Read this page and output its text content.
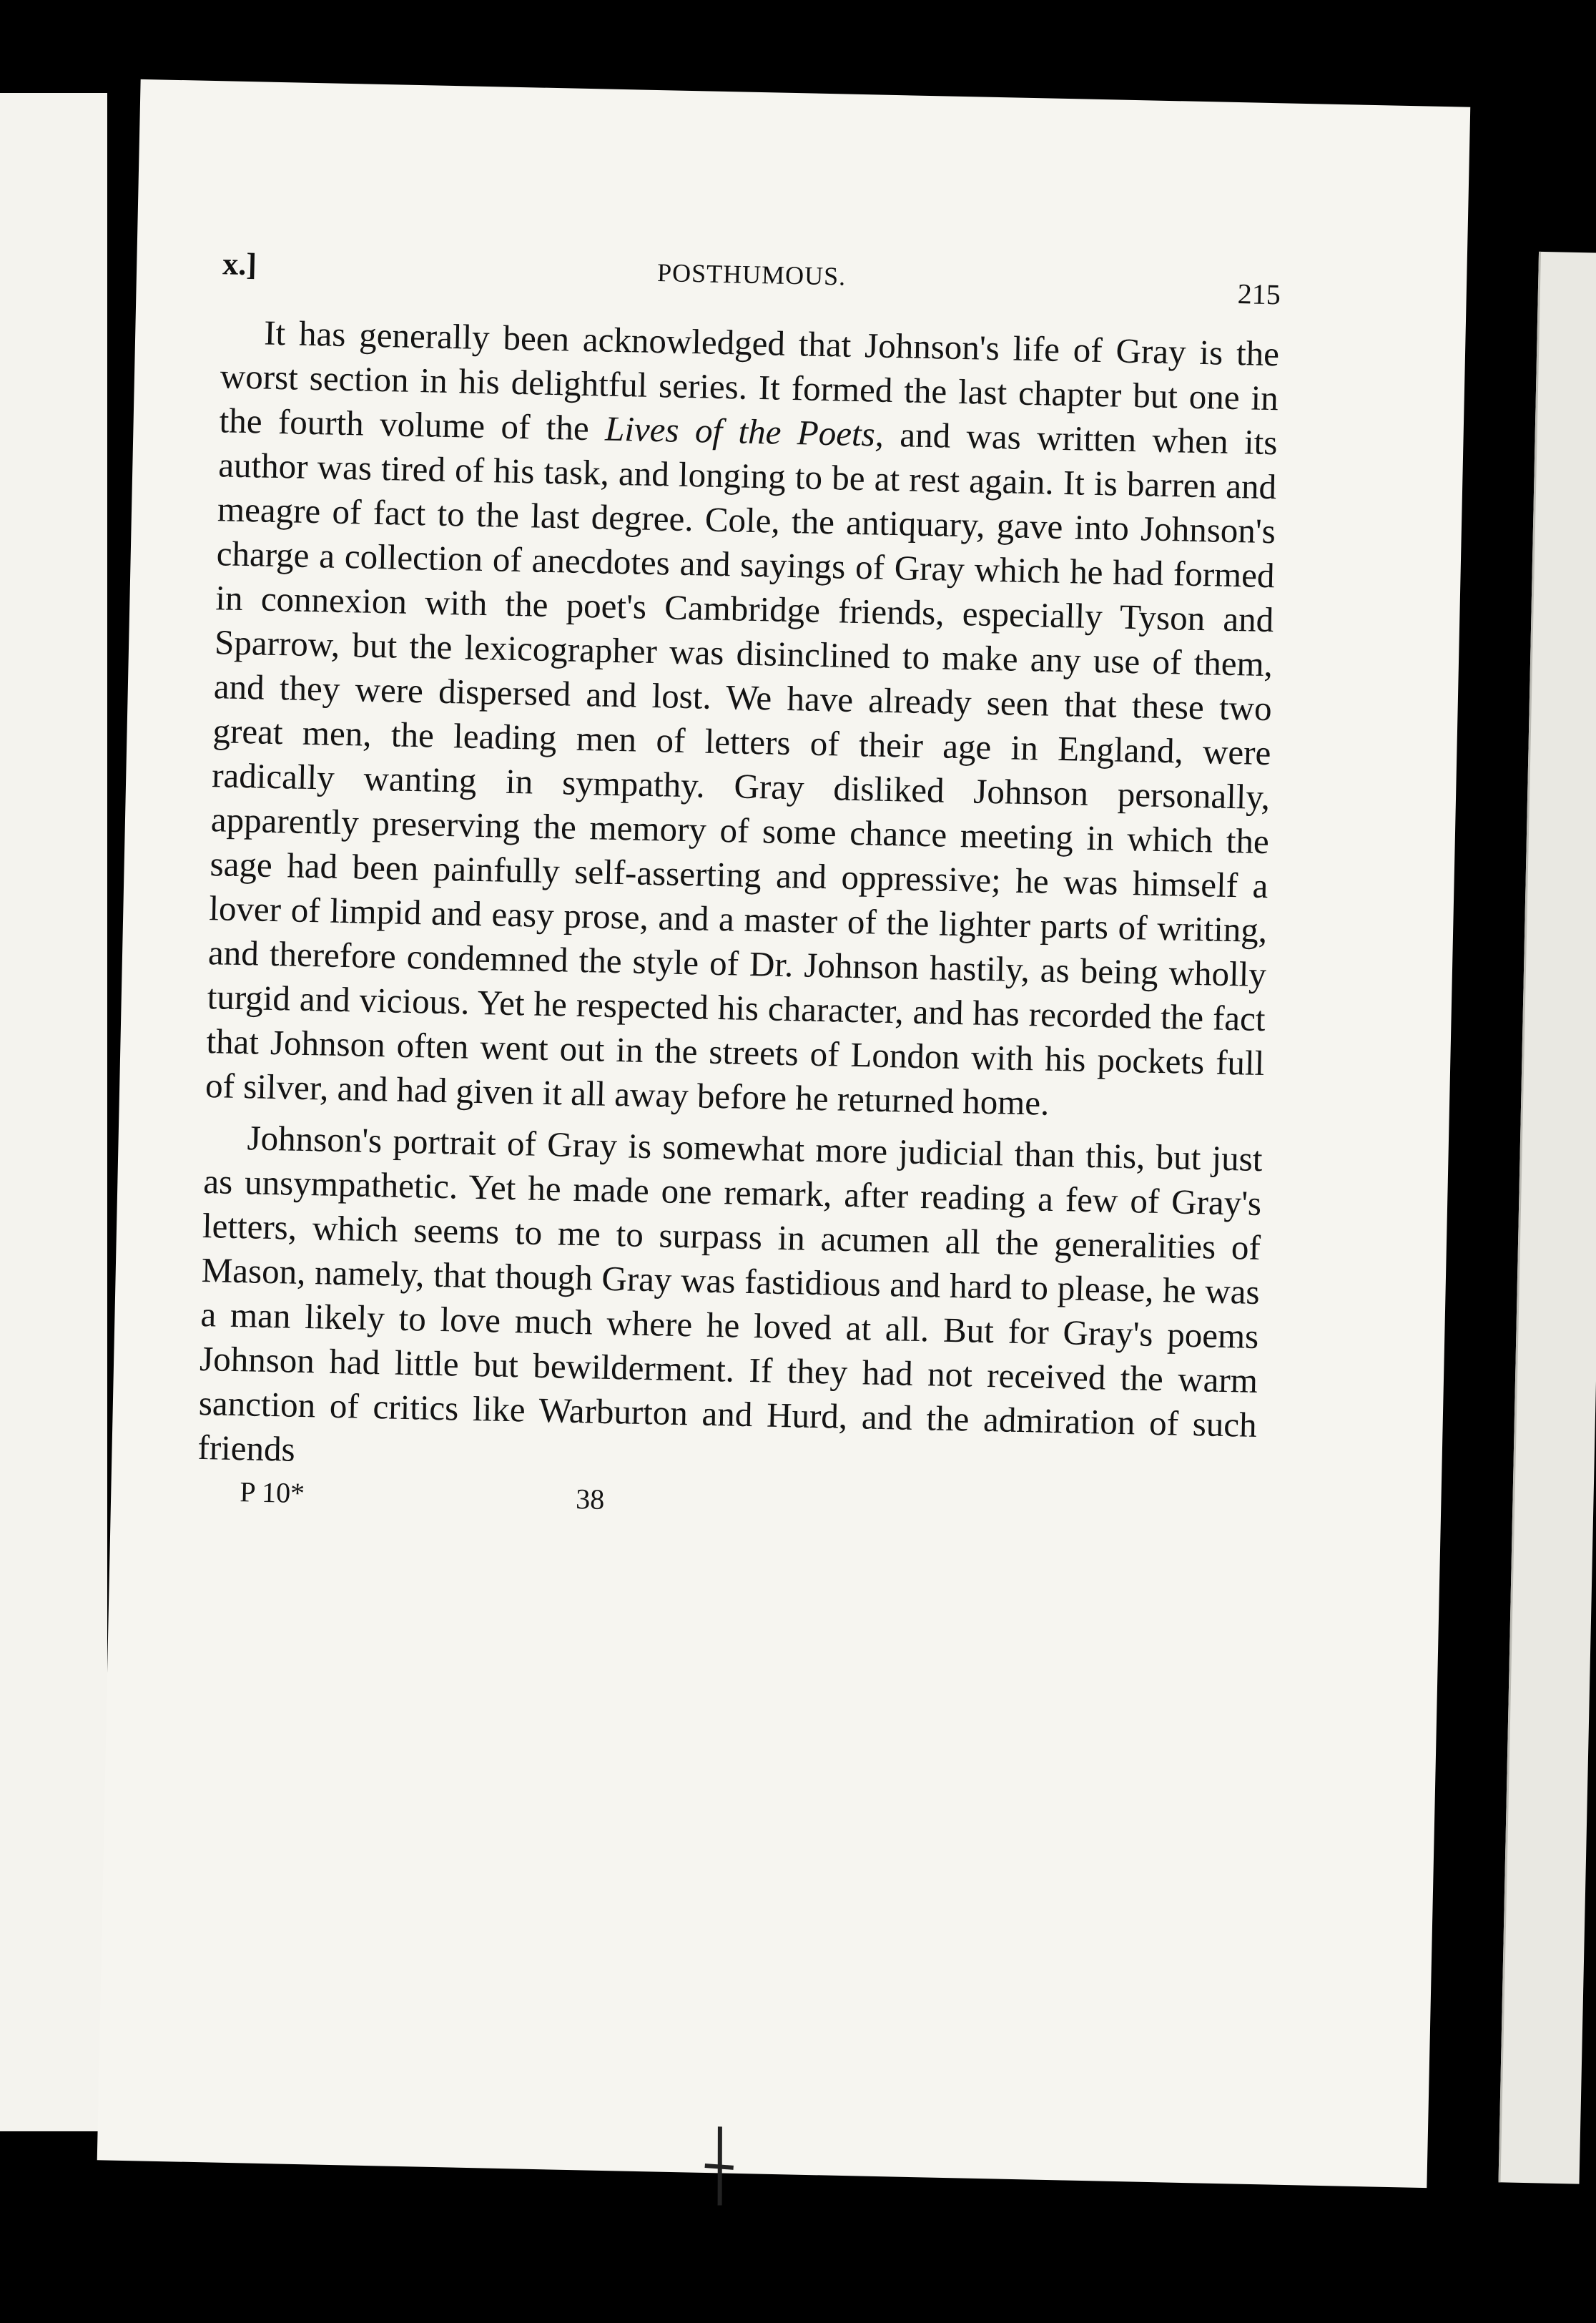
x.]	POSTHUMOUS.
215

It has generally been acknowledged that Johnson's life of Gray is the worst section in his delightful series. It formed the last chapter but one in the fourth volume of the Lives of the Poets, and was written when its author was tired of his task, and longing to be at rest again. It is barren and meagre of fact to the last degree. Cole, the antiquary, gave into Johnson's charge a collection of anecdotes and sayings of Gray which he had formed in connexion with the poet's Cambridge friends, especially Tyson and Sparrow, but the lexicographer was disinclined to make any use of them, and they were dispersed and lost. We have already seen that these two great men, the leading men of letters of their age in England, were radically wanting in sympathy. Gray disliked Johnson personally, apparently preserving the memory of some chance meeting in which the sage had been painfully self-asserting and oppressive; he was himself a lover of limpid and easy prose, and a master of the lighter parts of writing, and therefore condemned the style of Dr. Johnson hastily, as being wholly turgid and vicious. Yet he respected his character, and has recorded the fact that Johnson often went out in the streets of London with his pockets full of silver, and had given it all away before he returned home.

Johnson's portrait of Gray is somewhat more judicial than this, but just as unsympathetic. Yet he made one remark, after reading a few of Gray's letters, which seems to me to surpass in acumen all the generalities of Mason, namely, that though Gray was fastidious and hard to please, he was a man likely to love much where he loved at all. But for Gray's poems Johnson had little but bewilderment. If they had not received the warm sanction of critics like Warburton and Hurd, and the admiration of such friends

P 10*	38
